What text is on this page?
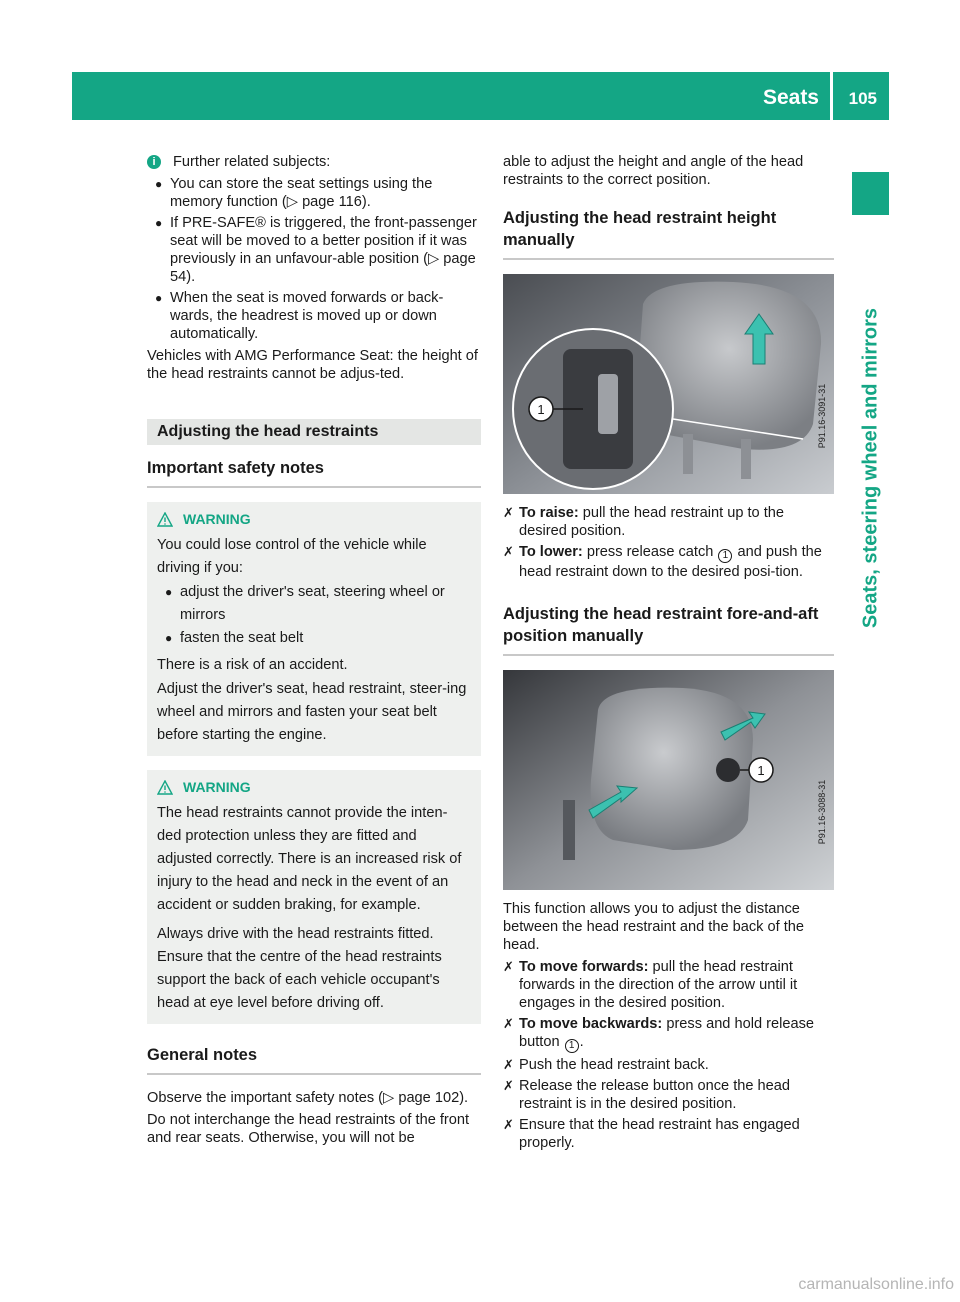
Seats 105
Seats, steering wheel and mirrors
i	Further related subjects:
● You can store the seat settings using the memory function (▷ page 116).
● If PRE-SAFE® is triggered, the front-passenger seat will be moved to a better position if it was previously in an unfavour-able position (▷ page 54).
● When the seat is moved forwards or back-wards, the headrest is moved up or down automatically.

Vehicles with AMG Performance Seat: the height of the head restraints cannot be adjus-ted.

Adjusting the head restraints
Important safety notes
WARNING

You could lose control of the vehicle while driving if you:

● adjust the driver's seat, steering wheel or mirrors
● fasten the seat belt

There is a risk of an accident.

Adjust the driver's seat, head restraint, steer-ing wheel and mirrors and fasten your seat belt before starting the engine.

WARNING

The head restraints cannot provide the inten-ded protection unless they are fitted and adjusted correctly. There is an increased risk of injury to the head and neck in the event of an accident or sudden braking, for example.

Always drive with the head restraints fitted. Ensure that the centre of the head restraints support the back of each vehicle occupant's head at eye level before driving off.

General notes

Observe the important safety notes (▷ page 102).

Do not interchange the head restraints of the front and rear seats. Otherwise, you will not be

able to adjust the height and angle of the head restraints to the correct position.

Adjusting the head restraint height manually
1	P91.16-3091-31
✗ To raise: pull the head restraint up to the desired position.
✗ To lower: press release catch 1 and push the head restraint down to the desired posi-tion.
Adjusting the head restraint fore-and-aft position manually
1
P91.16-3088-31

This function allows you to adjust the distance between the head restraint and the back of the head.

✗ To move forwards: pull the head restraint forwards in the direction of the arrow until it engages in the desired position.
✗ To move backwards: press and hold release button 1 .
✗ Push the head restraint back.
✗ Release the release button once the head restraint is in the desired position.
✗ Ensure that the head restraint has engaged properly.
carmanualsonline.info
